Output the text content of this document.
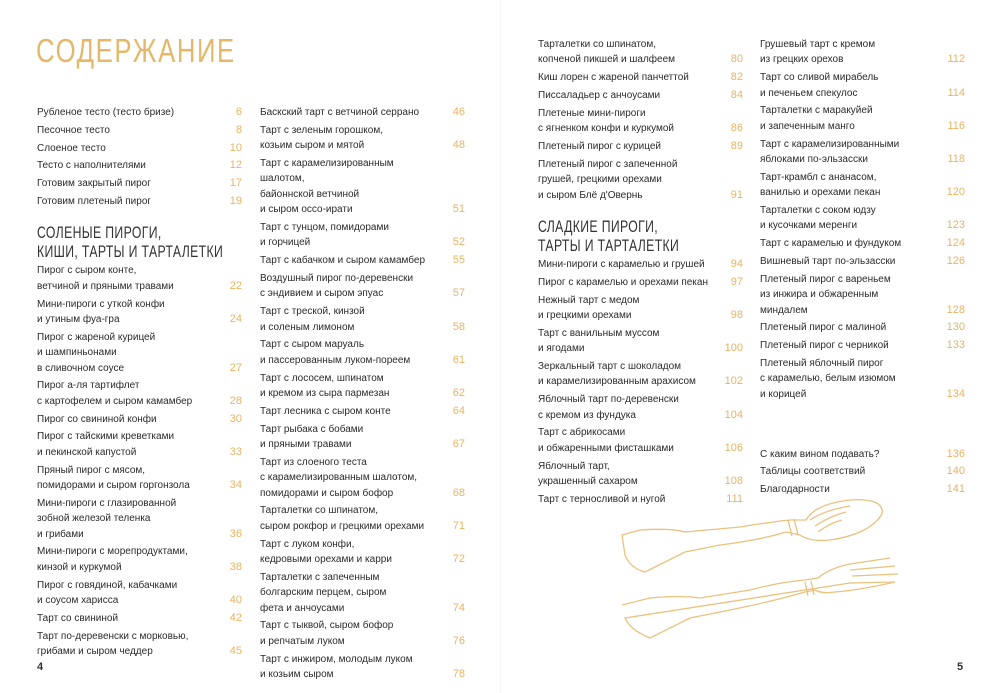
СОДЕРЖАНИЕ
Рубленое тесто (тесто бризе)	6
Песочное тесто	8
Слоеное тесто	10
Тесто с наполнителями	12
Готовим закрытый пирог	17
Готовим плетеный пирог	19
СОЛЕНЫЕ ПИРОГИ,
КИШИ, ТАРТЫ И ТАРТАЛЕТКИ
Пирог с сыром конте,
ветчиной и пряными травами	22
Мини-пироги с уткой конфи
и утиным фуа-гра	24
Пирог с жареной курицей
и шампиньонами
в сливочном соусе	27
Пирог а-ля тартифлет
с картофелем и сыром камамбер	28
Пирог со свининой конфи	30
Пирог с тайскими креветками
и пекинской капустой	33
Пряный пирог с мясом,
помидорами и сыром горгонзола	34
Мини-пироги с глазированной
зобной железой теленка
и грибами	36
Мини-пироги с морепродуктами,
кинзой и куркумой	38
Пирог с говядиной, кабачками
и соусом харисса	40
Тарт со свининой	42
Тарт по-деревенски с морковью,
грибами и сыром чеддер	45
Баскский тарт с ветчиной серрано	46
Тарт с зеленым горошком,
козьим сыром и мятой	48
Тарт с карамелизированным шалотом,
байоннской ветчиной
и сыром оссо-ирати	51
Тарт с тунцом, помидорами
и горчицей	52
Тарт с кабачком и сыром камамбер	55
Воздушный пирог по-деревенски
с эндивием и сыром эпуас	57
Тарт с треской, кинзой
и соленым лимоном	58
Тарт с сыром маруаль
и пассерованным луком-пореем	61
Тарт с лососем, шпинатом
и кремом из сыра пармезан	62
Тарт лесника с сыром конте	64
Тарт рыбака с бобами
и пряными травами	67
Тарт из слоеного теста
с карамелизированным шалотом,
помидорами и сыром бофор	68
Тарталетки со шпинатом,
сыром рокфор и грецкими орехами	71
Тарт с луком конфи,
кедровыми орехами и карри	72
Тарталетки с запеченным
болгарским перцем, сыром
фета и анчоусами	74
Тарт с тыквой, сыром бофор
и репчатым луком	76
Тарт с инжиром, молодым луком
и козьим сыром	78
Тарталетки со шпинатом,
копченой пикшей и шалфеем	80
Киш лорен с жареной панчеттой	82
Писсаладьер с анчоусами	84
Плетеные мини-пироги
с ягненком конфи и куркумой	86
Плетеный пирог с курицей	89
Плетеный пирог с запеченной
грушей, грецкими орехами
и сыром Блё д'Овернь	91
СЛАДКИЕ ПИРОГИ,
ТАРТЫ И ТАРТАЛЕТКИ
Мини-пироги с карамелью и грушей 94
Пирог с карамелью и орехами пекан 97
Нежный тарт с медом
и грецкими орехами	98
Тарт с ванильным муссом
и ягодами	100
Зеркальный тарт с шоколадом
и карамелизированным арахисом	102
Яблочный тарт по-деревенски
с кремом из фундука	104
Тарт с абрикосами
и обжаренными фисташками	106
Яблочный тарт,
украшенный сахаром	108
Тарт с терносливой и нугой	111
Грушевый тарт с кремом
из грецких орехов	112
Тарт со сливой мирабель
и печеньем спекулос	114
Тарталетки с маракуйей
и запеченным манго	116
Тарт с карамелизированными
яблоками по-эльзасски	118
Тарт-крамбл с ананасом,
ванилью и орехами пекан	120
Тарталетки с соком юдзу
и кусочками меренги	123
Тарт с карамелью и фундуком	124
Вишневый тарт по-эльзасски	126
Плетеный пирог с вареньем
из инжира и обжаренным
миндалем	128
Плетеный пирог с малиной	130
Плетеный пирог с черникой	133
Плетеный яблочный пирог
с карамелью, белым изюмом
и корицей	134
С каким вином подавать?	136
Таблицы соответствий	140
Благодарности	141
4	5
